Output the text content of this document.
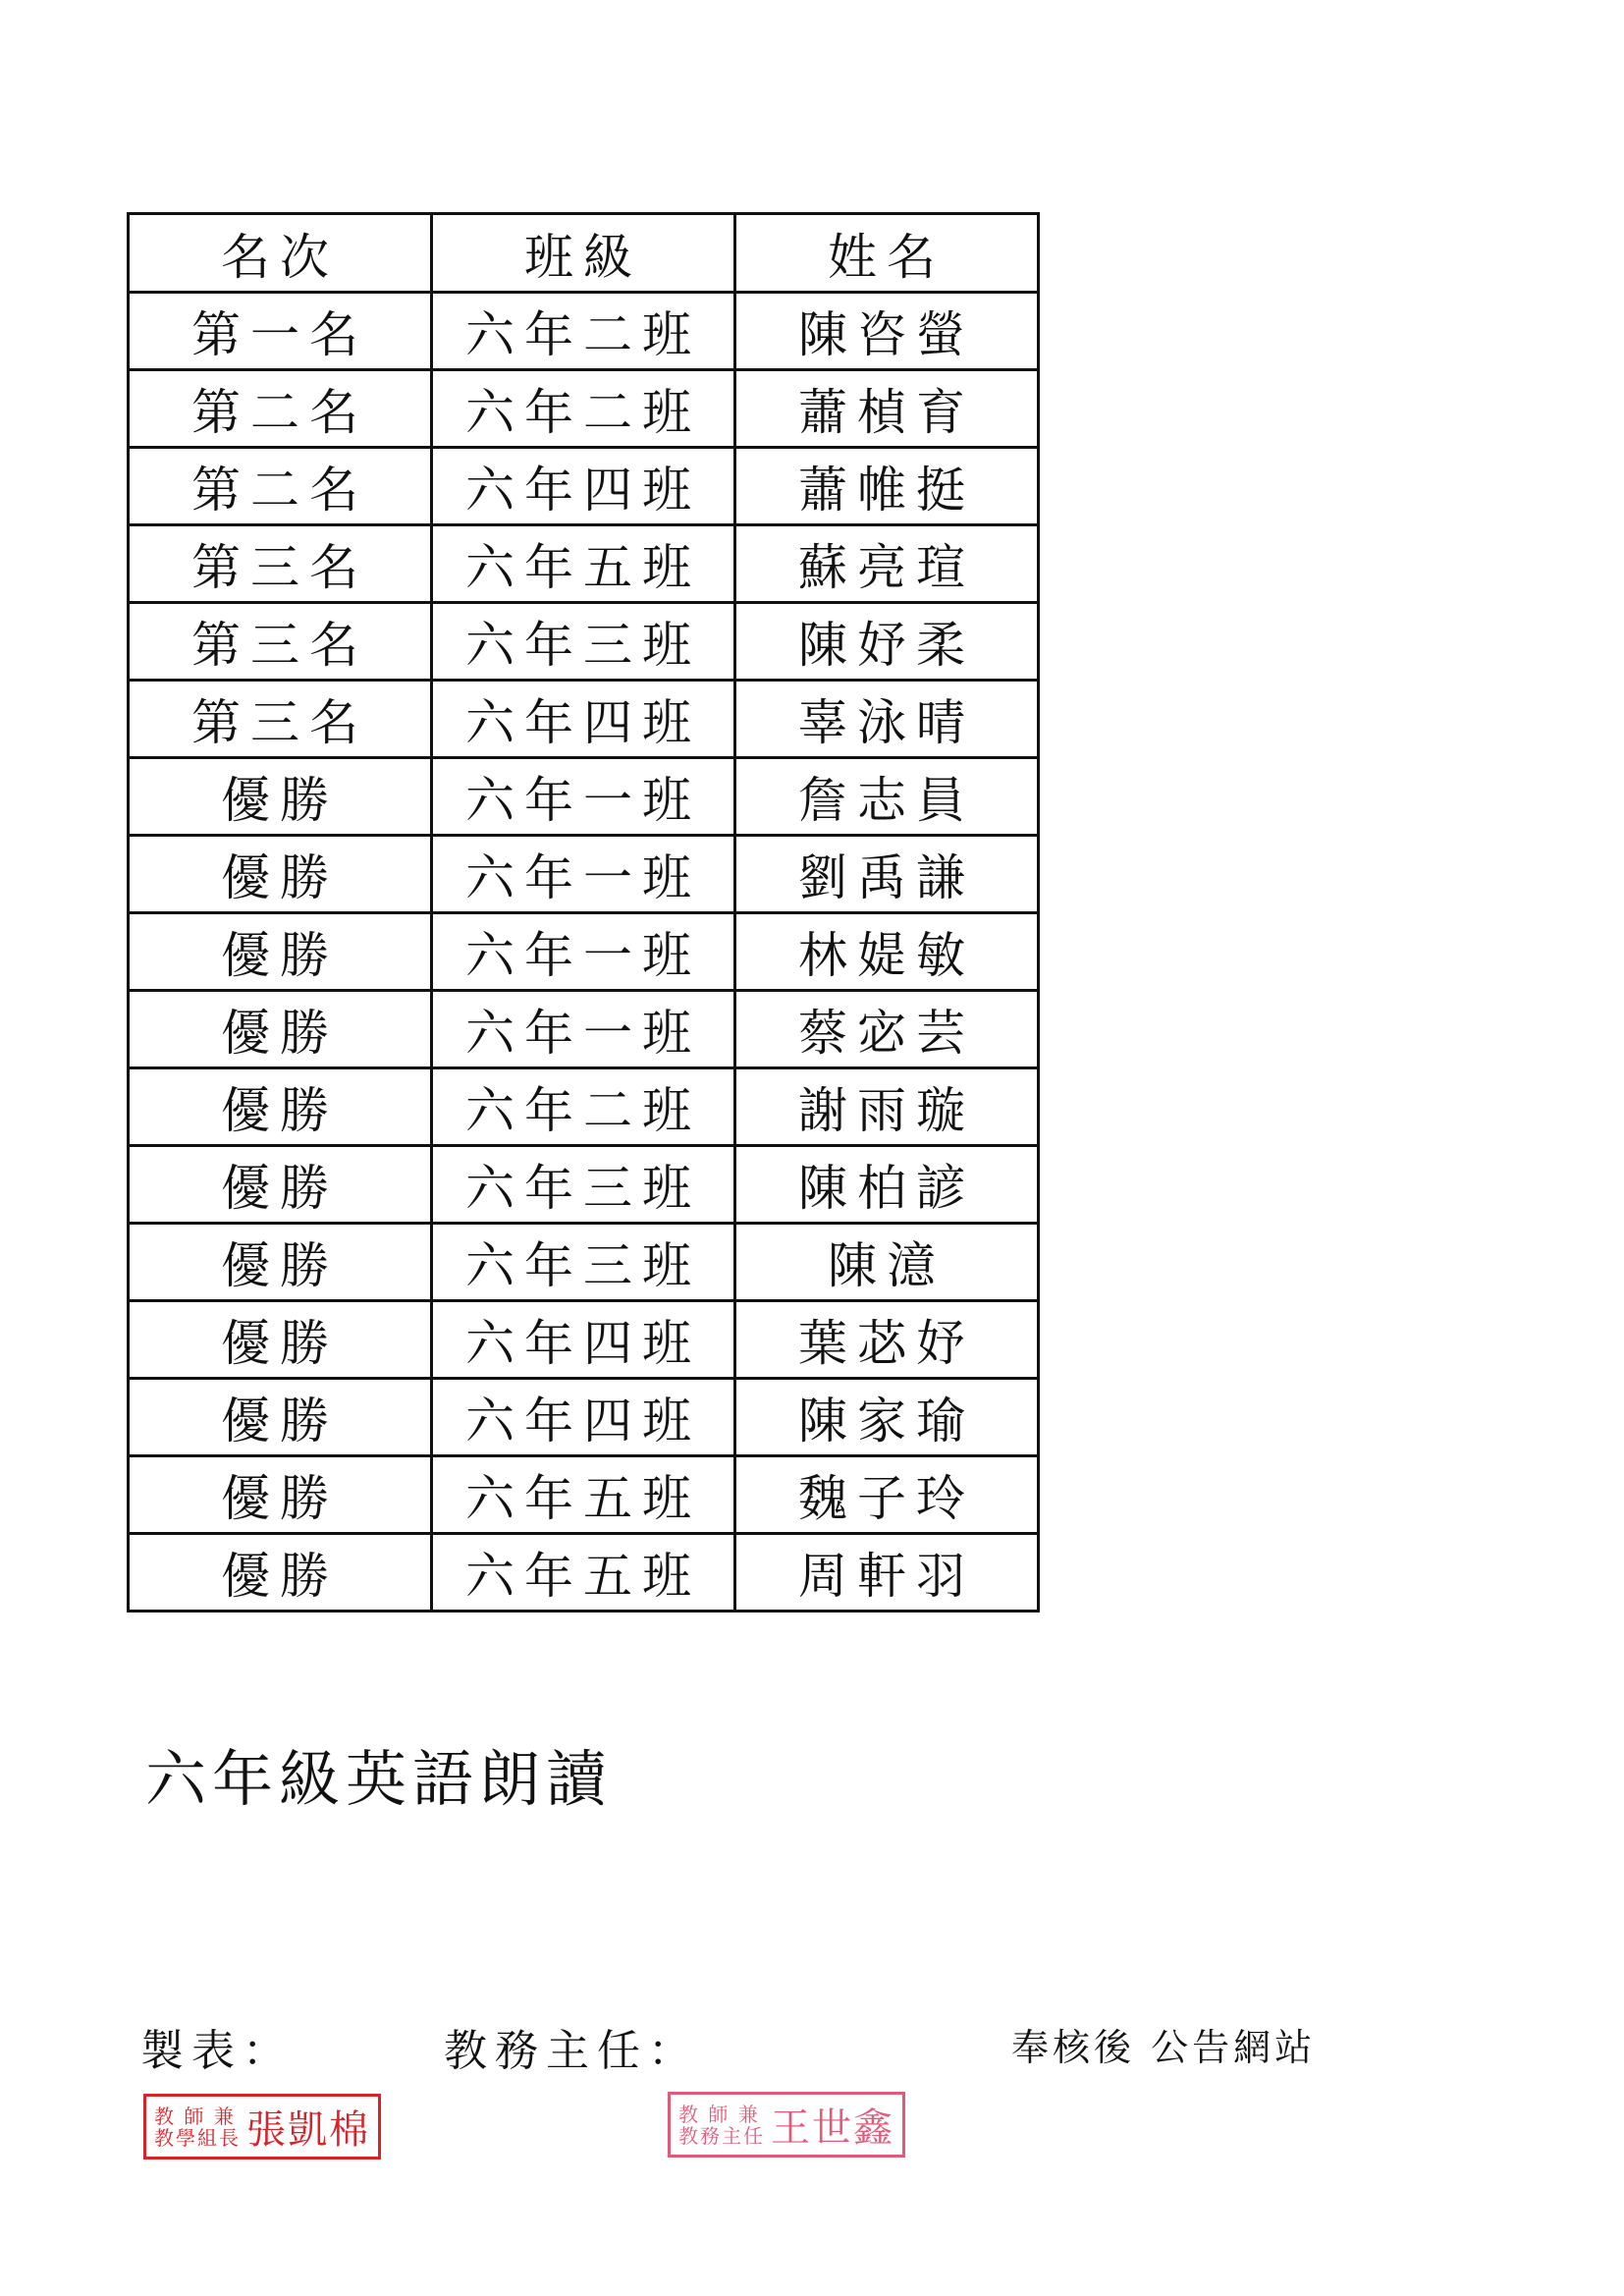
名次	班級	姓名
第一名	六年二班	陳咨螢
第二名	六年二班	蕭楨育
第二名	六年四班	蕭帷挺
第三名	六年五班	蘇亮瑄
第三名	六年三班	陳妤柔
第三名	六年四班	辜泳晴
優勝	六年一班	詹志員
優勝	六年一班	劉禹謙
優勝	六年一班	林媞敏
優勝	六年一班	蔡宓芸
優勝	六年二班	謝雨璇
優勝	六年三班	陳柏諺
優勝	六年三班	陳澺
優勝	六年四班	葉苾妤
優勝	六年四班	陳家瑜
優勝	六年五班	魏子玲
優勝	六年五班	周軒羽
六年級英語朗讀
製表：	教務主任：	奉核後 公告網站
教 師 兼
教學組長 張凱棉	教 師 兼
教務主任 王世鑫
